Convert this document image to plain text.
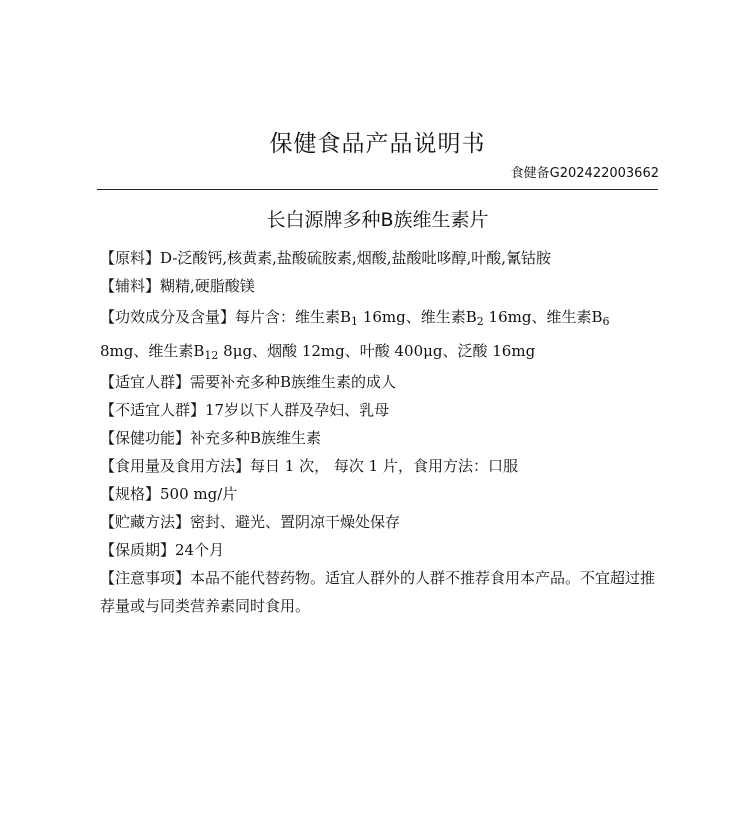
保健食品产品说明书
食健备G202422003662
长白源牌多种B族维生素片

【原料】D-泛酸钙,核黄素,盐酸硫胺素,烟酸,盐酸吡哆醇,叶酸,氰钴胺

【辅料】糊精,硬脂酸镁

【功效成分及含量】每片含：维生素$B_1$ 16mg、维生素$B_2$ 16mg、维生素$B_6$ 8mg、维生素$B_{12}$ 8μg、烟酸 12mg、叶酸 400μg、泛酸 16mg

【适宜人群】需要补充多种B族维生素的成人

【不适宜人群】17岁以下人群及孕妇、乳母

【保健功能】补充多种B族维生素

【食用量及食用方法】每日 1 次， 每次 1 片，食用方法：口服

【规格】500 mg/片

【贮藏方法】密封、避光、置阴凉干燥处保存

【保质期】24个月

【注意事项】本品不能代替药物。适宜人群外的人群不推荐食用本产品。不宜超过推荐量或与同类营养素同时食用。
